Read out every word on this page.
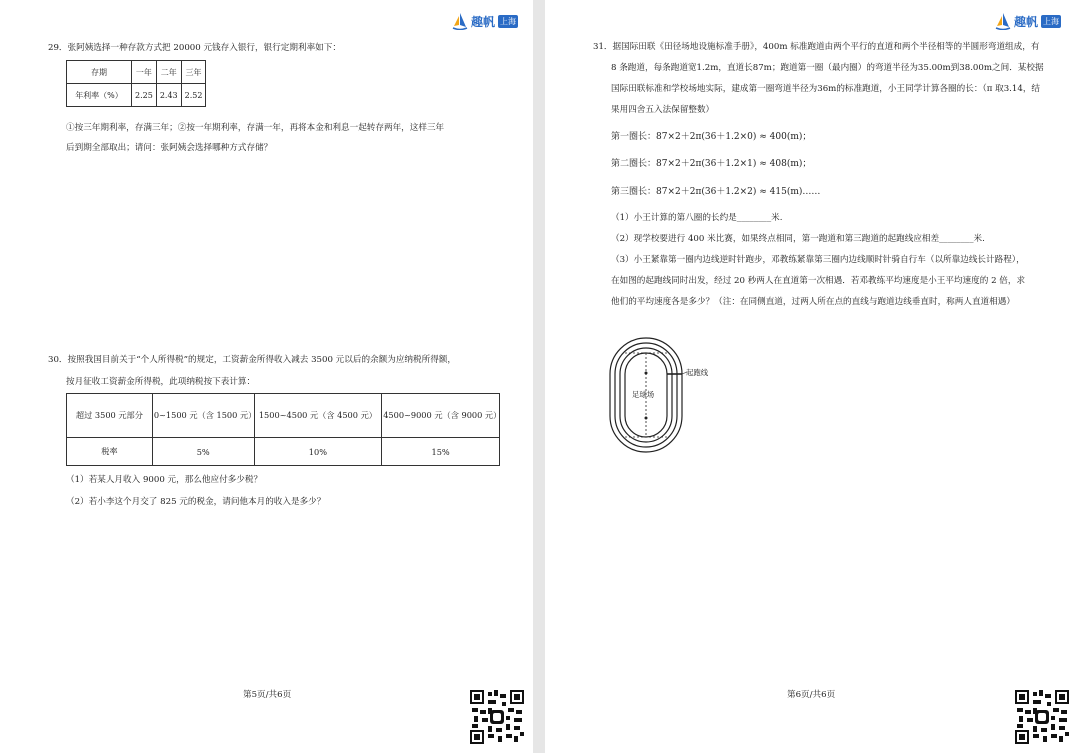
趣帆 上海
29．张阿姨选择一种存款方式把 20000 元钱存入银行，银行定期利率如下：
存期	一年	二年	三年
年利率（%）	2.25	2.43	2.52
①按三年期利率，存满三年；②按一年期利率，存满一年，再将本金和利息一起转存两年，这样三年
后到期全部取出；请问：张阿姨会选择哪种方式存储？
30．按照我国目前关于“个人所得税”的规定，工资薪金所得收入减去 3500 元以后的余额为应纳税所得额，
按月征收工资薪金所得税，此项纳税按下表计算：
超过 3500 元部分	0~1500 元（含 1500 元）	1500~4500 元（含 4500 元）	4500~9000 元（含 9000 元）
税率	5%	10%	15%
（1）若某人月收入 9000 元，那么他应付多少税？
（2）若小李这个月交了 825 元的税金，请问他本月的收入是多少？
第5页/共6页
趣帆 上海
31．据国际田联《田径场地设施标准手册》，400m 标准跑道由两个平行的直道和两个半径相等的半圆形弯道组成，有 8 条跑道，每条跑道宽1.2m，直道长87m；跑道第一圈（最内圈）的弯道半径为35.00m到38.00m之间．某校据国际田联标准和学校场地实际，建成第一圈弯道半径为36m的标准跑道，小王同学计算各圈的长：（π 取3.14，结果用四舍五入法保留整数）
第一圈长：87×2＋2π(36＋1.2×0) ≈ 400(m)；
第二圈长：87×2＋2π(36＋1.2×1) ≈ 408(m)；
第三圈长：87×2＋2π(36＋1.2×2) ≈ 415(m)……
（1）小王计算的第八圈的长约是________米.
（2）现学校要进行 400 米比赛，如果终点相同，第一跑道和第三跑道的起跑线应相差________米.
（3）小王紧靠第一圈内边线逆时针跑步，邓教练紧靠第三圈内边线顺时针骑自行车（以所靠边线长计路程），在如图的起跑线同时出发，经过 20 秒两人在直道第一次相遇．若邓教练平均速度是小王平均速度的 2 倍，求他们的平均速度各是多少？（注：在同侧直道，过两人所在点的直线与跑道边线垂直时，称两人直道相遇）
起跑线
足球场
第6页/共6页
